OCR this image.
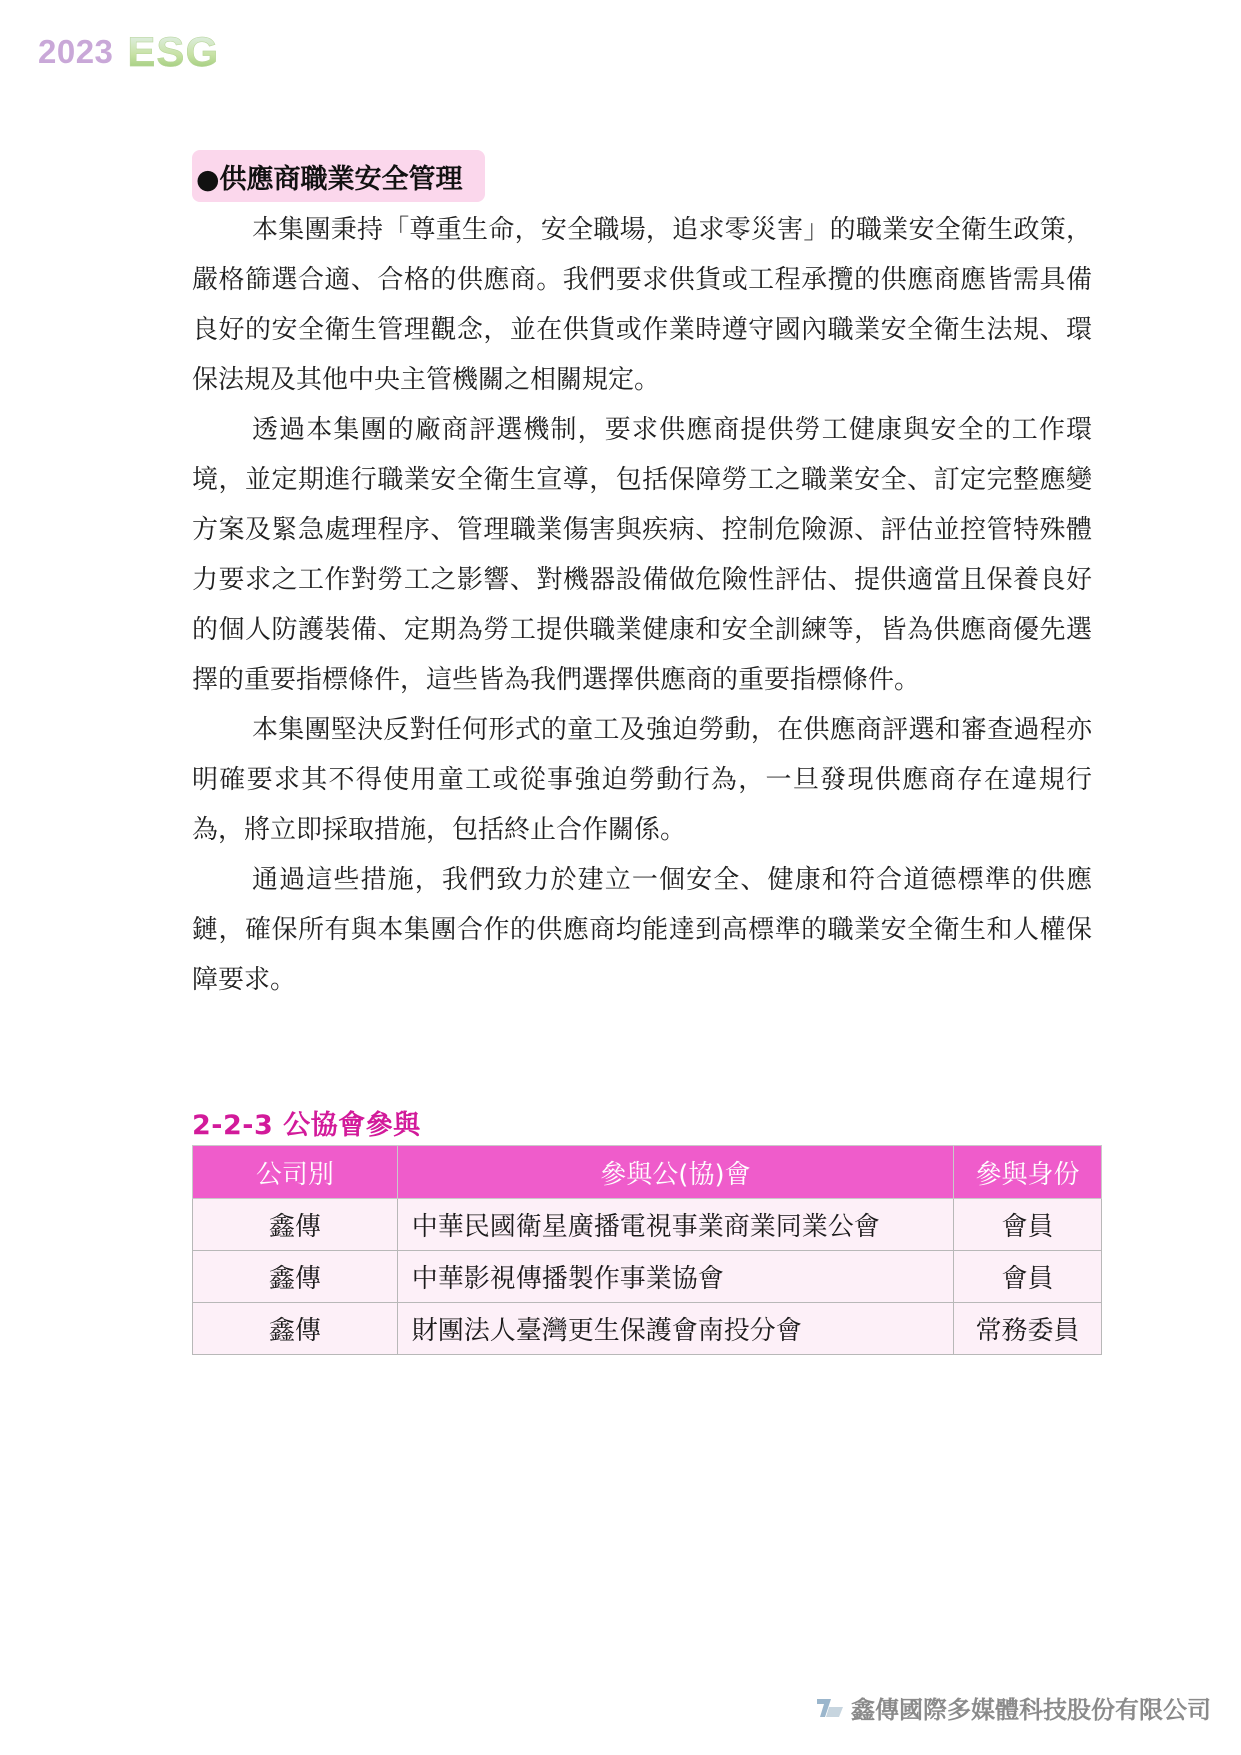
2023 ESG
●供應商職業安全管理

本集團秉持「尊重生命，安全職場，追求零災害」的職業安全衛生政策，嚴格篩選合適、合格的供應商。我們要求供貨或工程承攬的供應商應皆需具備良好的安全衛生管理觀念，並在供貨或作業時遵守國內職業安全衛生法規、環保法規及其他中央主管機關之相關規定。

透過本集團的廠商評選機制，要求供應商提供勞工健康與安全的工作環境，並定期進行職業安全衛生宣導，包括保障勞工之職業安全、訂定完整應變方案及緊急處理程序、管理職業傷害與疾病、控制危險源、評估並控管特殊體力要求之工作對勞工之影響、對機器設備做危險性評估、提供適當且保養良好的個人防護裝備、定期為勞工提供職業健康和安全訓練等，皆為供應商優先選擇的重要指標條件，這些皆為我們選擇供應商的重要指標條件。

本集團堅決反對任何形式的童工及強迫勞動，在供應商評選和審查過程亦明確要求其不得使用童工或從事強迫勞動行為，一旦發現供應商存在違規行為，將立即採取措施，包括終止合作關係。

通過這些措施，我們致力於建立一個安全、健康和符合道德標準的供應鏈，確保所有與本集團合作的供應商均能達到高標準的職業安全衛生和人權保障要求。

2-2-3 公協會參與
公司別	參與公(協)會	參與身份
鑫傳	中華民國衛星廣播電視事業商業同業公會	會員
鑫傳	中華影視傳播製作事業協會	會員
鑫傳	財團法人臺灣更生保護會南投分會	常務委員
鑫傳國際多媒體科技股份有限公司
